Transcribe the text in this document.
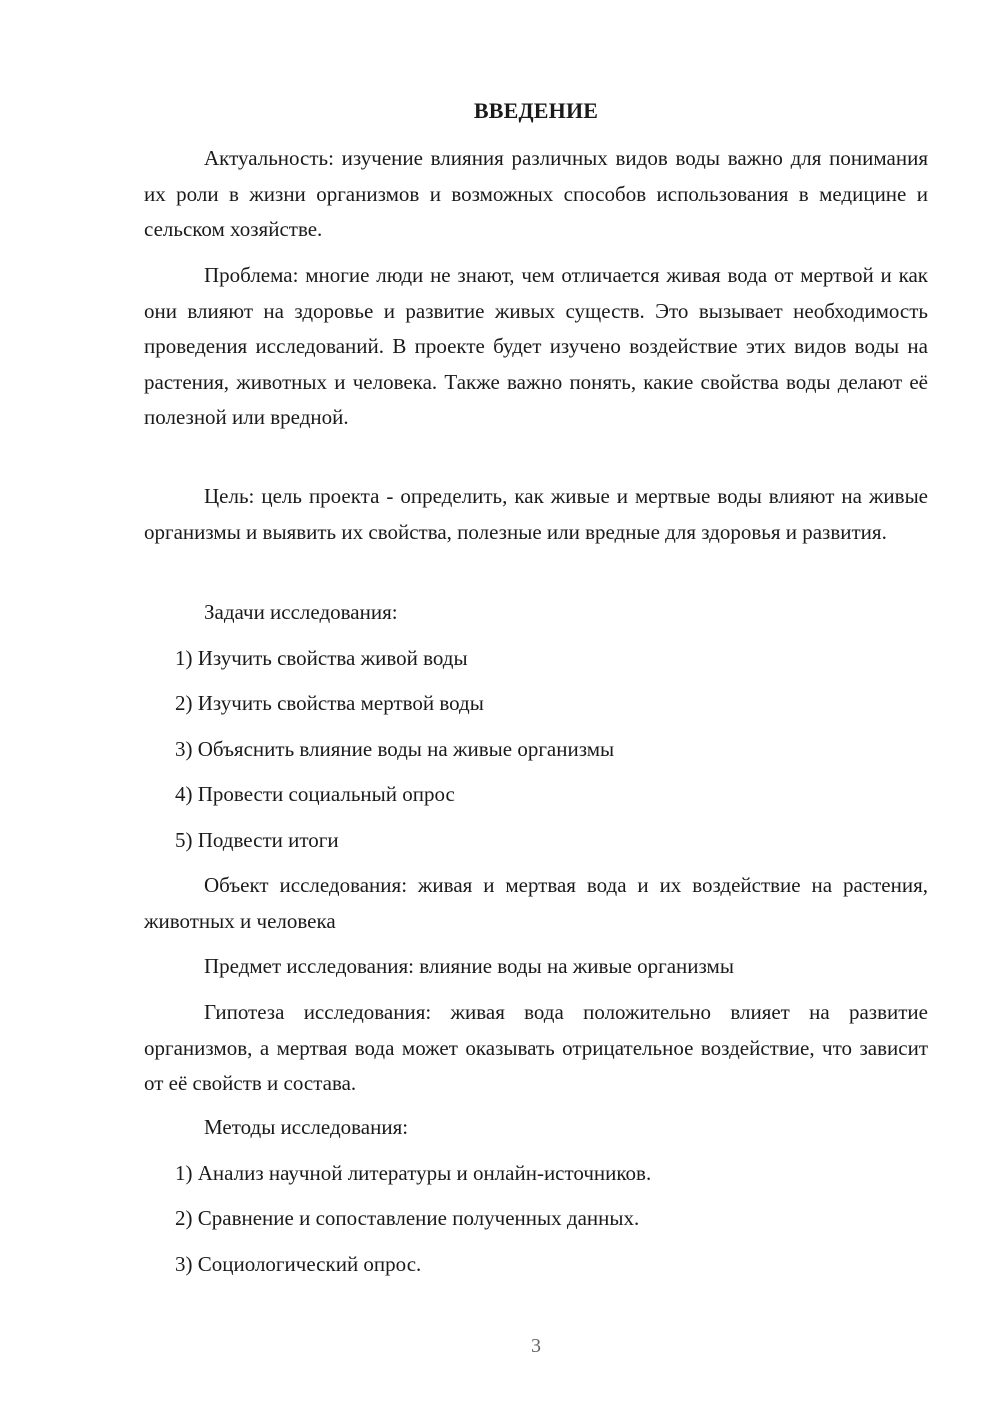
ВВЕДЕНИЕ

Актуальность: изучение влияния различных видов воды важно для понимания их роли в жизни организмов и возможных способов использования в медицине и сельском хозяйстве.

Проблема: многие люди не знают, чем отличается живая вода от мертвой и как они влияют на здоровье и развитие живых существ. Это вызывает необходимость проведения исследований. В проекте будет изучено воздействие этих видов воды на растения, животных и человека. Также важно понять, какие свойства воды делают её полезной или вредной.

Цель: цель проекта - определить, как живые и мертвые воды влияют на живые организмы и выявить их свойства, полезные или вредные для здоровья и развития.

Задачи исследования:

1) Изучить свойства живой воды

2) Изучить свойства мертвой воды

3) Объяснить влияние воды на живые организмы

4) Провести социальный опрос

5) Подвести итоги

Объект исследования: живая и мертвая вода и их воздействие на растения, животных и человека

Предмет исследования: влияние воды на живые организмы

Гипотеза исследования: живая вода положительно влияет на развитие организмов, а мертвая вода может оказывать отрицательное воздействие, что зависит от её свойств и состава.

Методы исследования:

1) Анализ научной литературы и онлайн-источников.

2) Сравнение и сопоставление полученных данных.

3) Социологический опрос.

3
